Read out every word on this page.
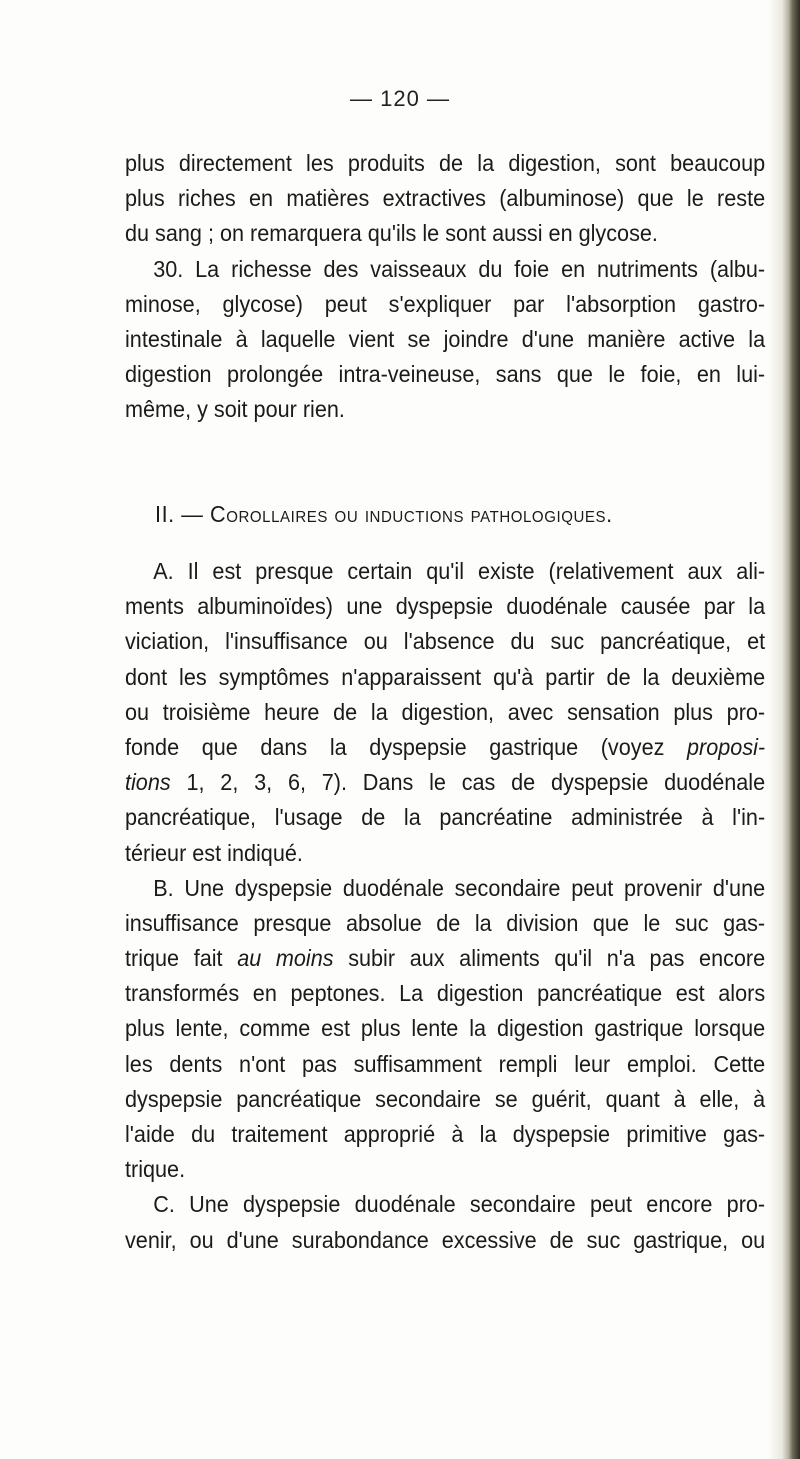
— 120 —
plus directement les produits de la digestion, sont beaucoup
plus riches en matières extractives (albuminose) que le reste
du sang ; on remarquera qu'ils le sont aussi en glycose.
30. La richesse des vaisseaux du foie en nutriments (albu-
minose, glycose) peut s'expliquer par l'absorption gastro-
intestinale à laquelle vient se joindre d'une manière active la
digestion prolongée intra-veineuse, sans que le foie, en lui-
même, y soit pour rien.
II. — Corollaires ou inductions pathologiques.
A. Il est presque certain qu'il existe (relativement aux ali-
ments albuminoïdes) une dyspepsie duodénale causée par la
viciation, l'insuffisance ou l'absence du suc pancréatique, et
dont les symptômes n'apparaissent qu'à partir de la deuxième
ou troisième heure de la digestion, avec sensation plus pro-
fonde que dans la dyspepsie gastrique (voyez proposi-
tions 1, 2, 3, 6, 7). Dans le cas de dyspepsie duodénale
pancréatique, l'usage de la pancréatine administrée à l'in-
térieur est indiqué.
B. Une dyspepsie duodénale secondaire peut provenir d'une
insuffisance presque absolue de la division que le suc gas-
trique fait au moins subir aux aliments qu'il n'a pas encore
transformés en peptones. La digestion pancréatique est alors
plus lente, comme est plus lente la digestion gastrique lorsque
les dents n'ont pas suffisamment rempli leur emploi. Cette
dyspepsie pancréatique secondaire se guérit, quant à elle, à
l'aide du traitement approprié à la dyspepsie primitive gas-
trique.
C. Une dyspepsie duodénale secondaire peut encore pro-
venir, ou d'une surabondance excessive de suc gastrique, ou
